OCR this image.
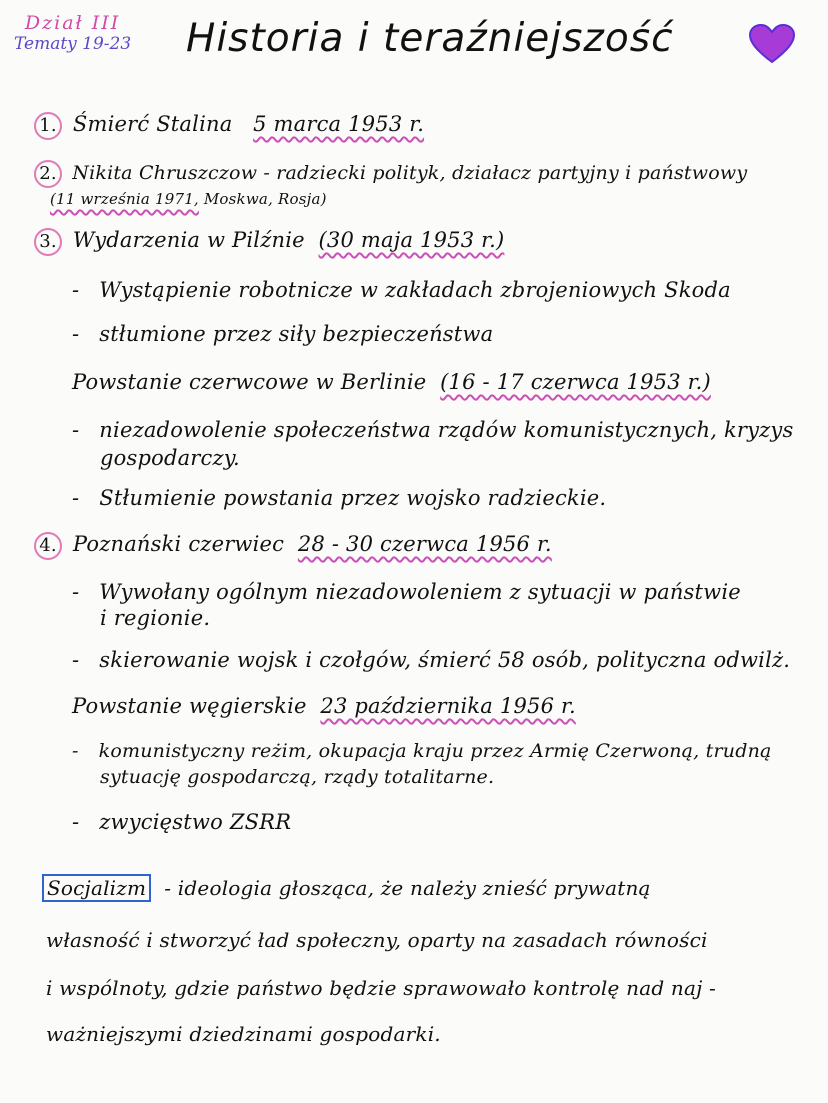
Dział III
Tematy 19-23 Historia i teraźniejszość
1. Śmierć Stalina 5 marca 1953 r.
2. Nikita Chruszczow - radziecki polityk, działacz partyjny i państwowy
(11 września 1971, Moskwa, Rosja)
3. Wydarzenia w Pilźnie (30 maja 1953 r.)
- Wystąpienie robotnicze w zakładach zbrojeniowych Skoda
- stłumione przez siły bezpieczeństwa
Powstanie czerwcowe w Berlinie (16 - 17 czerwca 1953 r.)
- niezadowolenie społeczeństwa rządów komunistycznych, kryzys
gospodarczy.
- Stłumienie powstania przez wojsko radzieckie.
4. Poznański czerwiec 28 - 30 czerwca 1956 r.
- Wywołany ogólnym niezadowoleniem z sytuacji w państwie
i regionie.
- skierowanie wojsk i czołgów, śmierć 58 osób, polityczna odwilż.
Powstanie węgierskie 23 października 1956 r.
- komunistyczny reżim, okupacja kraju przez Armię Czerwoną, trudną
sytuację gospodarczą, rządy totalitarne.
- zwycięstwo ZSRR
Socjalizm - ideologia głosząca, że należy znieść prywatną
własność i stworzyć ład społeczny, oparty na zasadach równości
i wspólnoty, gdzie państwo będzie sprawowało kontrolę nad naj -
ważniejszymi dziedzinami gospodarki.
